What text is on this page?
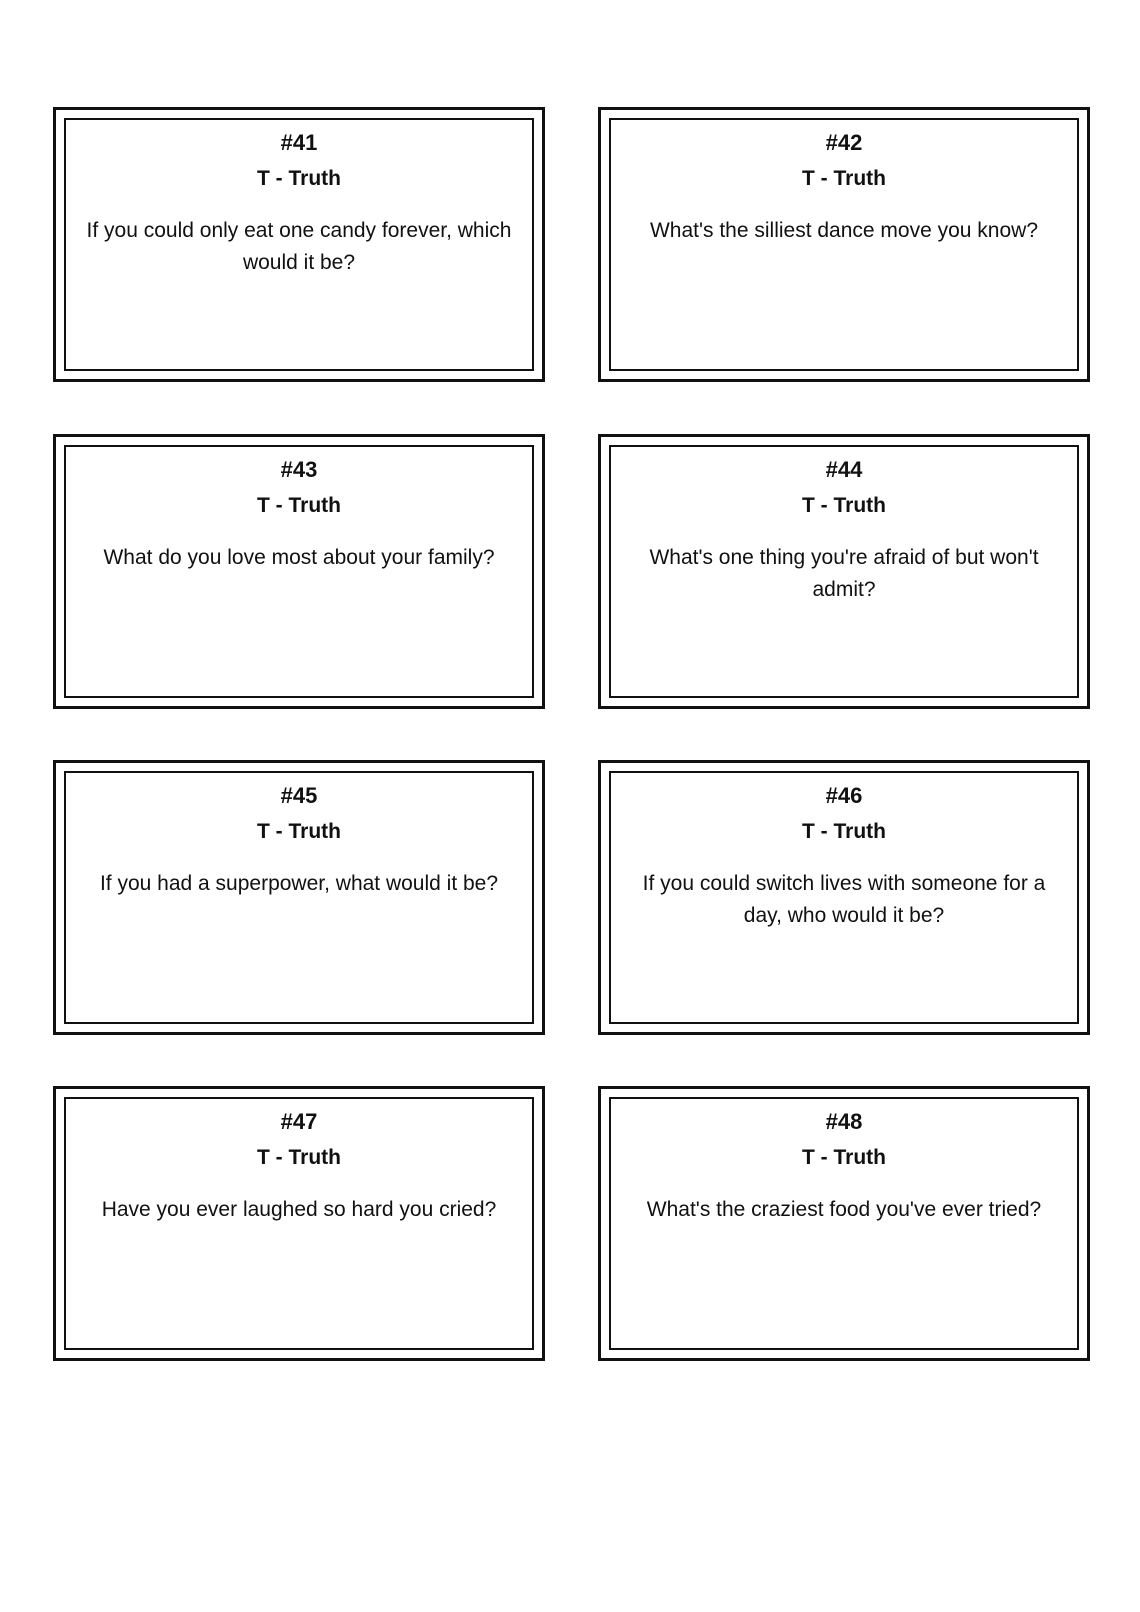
#41
T - Truth
If you could only eat one candy forever, which would it be?
#42
T - Truth
What's the silliest dance move you know?
#43
T - Truth
What do you love most about your family?
#44
T - Truth
What's one thing you're afraid of but won't admit?
#45
T - Truth
If you had a superpower, what would it be?
#46
T - Truth
If you could switch lives with someone for a day, who would it be?
#47
T - Truth
Have you ever laughed so hard you cried?
#48
T - Truth
What's the craziest food you've ever tried?
